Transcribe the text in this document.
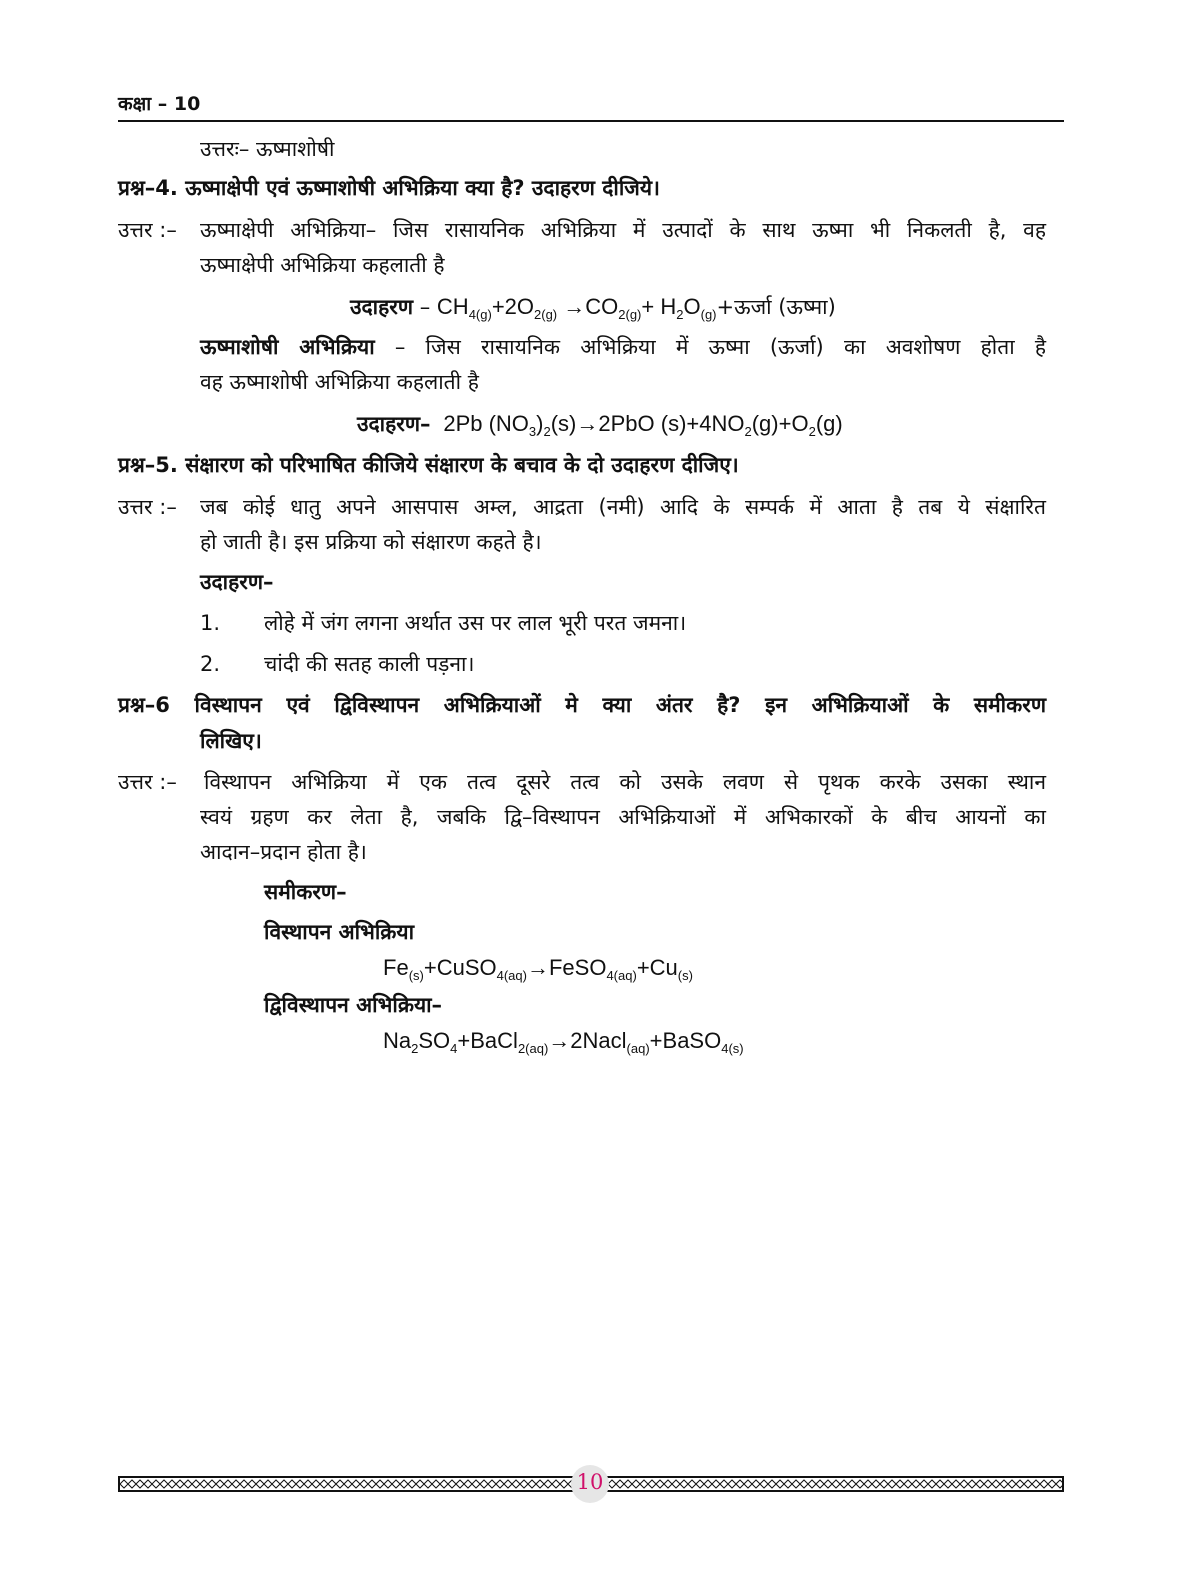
कक्षा – 10
उत्तरः– ऊष्माशोषी
प्रश्न–4. ऊष्माक्षेपी एवं ऊष्माशोषी अभिक्रिया क्या है? उदाहरण दीजिये।
उत्तर :– ऊष्माक्षेपी अभिक्रिया– जिस रासायनिक अभिक्रिया में उत्पादों के साथ ऊष्मा भी निकलती है, वह
ऊष्माक्षेपी अभिक्रिया कहलाती है
उदाहरण – $CH_{4(g)}+2O_{2(g)} \to CO_{2(g)}+$ $H_2O_{(g)}+ऊर्जा$ (ऊष्मा)
ऊष्माशोषी अभिक्रिया – जिस रासायनिक अभिक्रिया में ऊष्मा (ऊर्जा) का अवशोषण होता है
वह ऊष्माशोषी अभिक्रिया कहलाती है
उदाहरण–  2Pb $(NO_3)_2(s)\to 2PbO$ $(s)+4NO_2(g)+O_2(g)$
प्रश्न–5. संक्षारण को परिभाषित कीजिये संक्षारण के बचाव के दो उदाहरण दीजिए।
उत्तर :– जब कोई धातु अपने आसपास अम्ल, आद्रता (नमी) आदि के सम्पर्क में आता है तब ये संक्षारित
हो जाती है। इस प्रक्रिया को संक्षारण कहते है।
उदाहरण–
1. लोहे में जंग लगना अर्थात उस पर लाल भूरी परत जमना।
2. चांदी की सतह काली पड़ना।
प्रश्न–6 विस्थापन एवं द्विविस्थापन अभिक्रियाओं मे क्या अंतर है? इन अभिक्रियाओं के समीकरण
लिखिए।
उत्तर :– विस्थापन अभिक्रिया में एक तत्व दूसरे तत्व को उसके लवण से पृथक करके उसका स्थान
स्वयं ग्रहण कर लेता है, जबकि द्वि–विस्थापन अभिक्रियाओं में अभिकारकों के बीच आयनों का
आदान–प्रदान होता है।
समीकरण–
विस्थापन अभिक्रिया
$Fe_{(s)}+CuSO_{4(aq)}\to FeSO_{4(aq)}+Cu_{(s)}$
द्विविस्थापन अभिक्रिया–
$Na_2SO_4+BaCl_{2(aq)}\to 2Nacl_{(aq)}+BaSO_{4(s)}$
10
